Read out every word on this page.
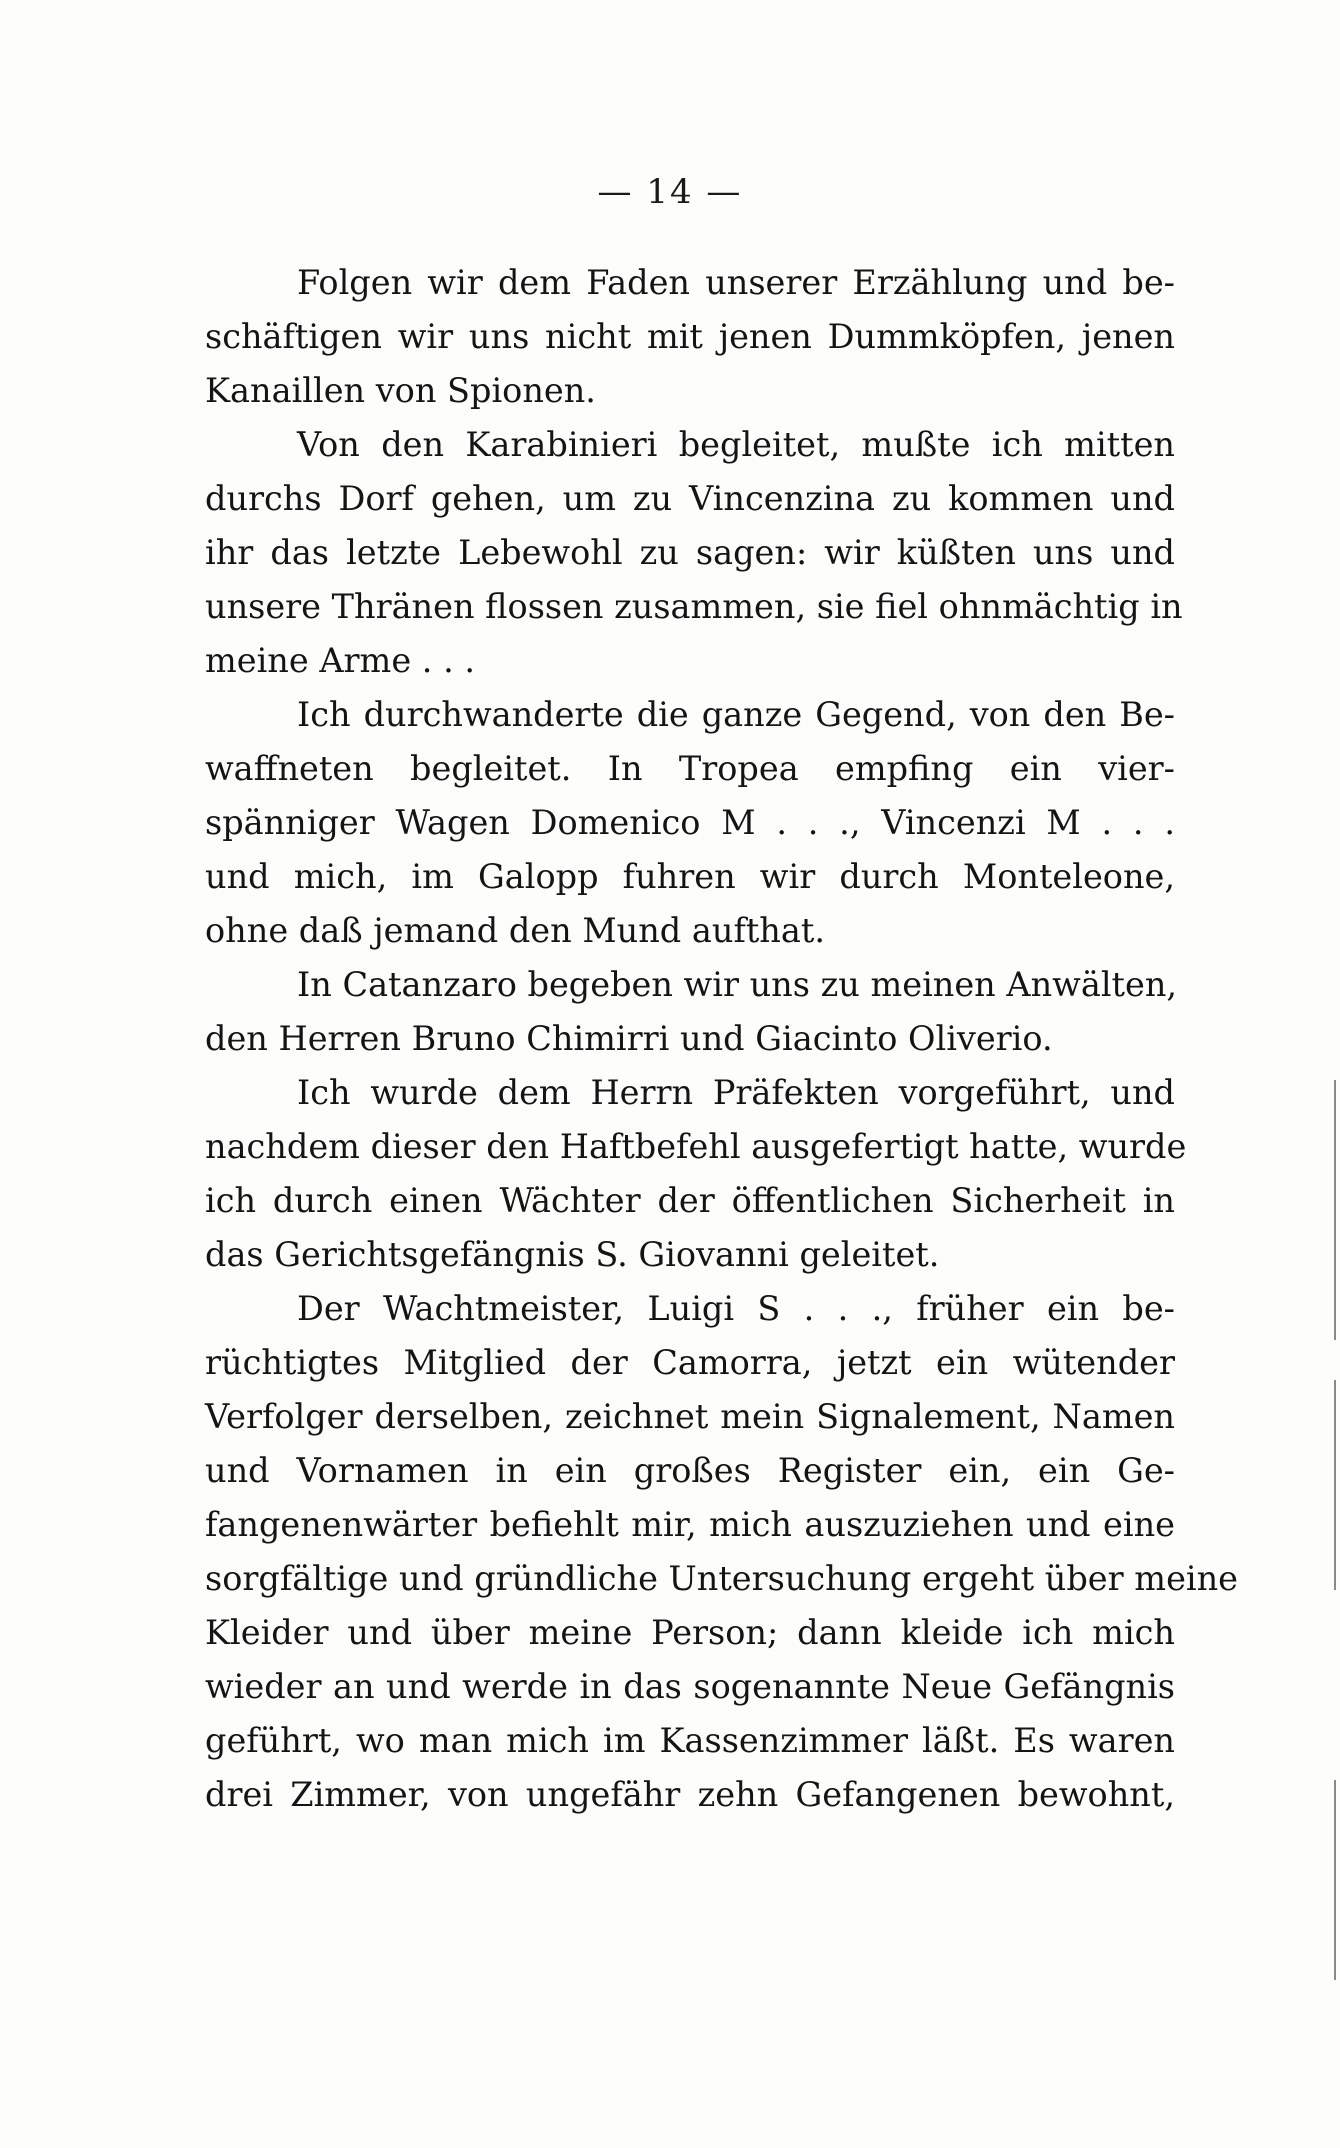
— 14 —
Folgen wir dem Faden unserer Erzählung und be-
schäftigen wir uns nicht mit jenen Dummköpfen, jenen
Kanaillen von Spionen.
Von den Karabinieri begleitet, mußte ich mitten
durchs Dorf gehen, um zu Vincenzina zu kommen und
ihr das letzte Lebewohl zu sagen: wir küßten uns und
unsere Thränen flossen zusammen, sie fiel ohnmächtig in
meine Arme . . .
Ich durchwanderte die ganze Gegend, von den Be-
waffneten begleitet. In Tropea empfing ein vier-
spänniger Wagen Domenico M . . ., Vincenzi M . . .
und mich, im Galopp fuhren wir durch Monteleone,
ohne daß jemand den Mund aufthat.
In Catanzaro begeben wir uns zu meinen Anwälten,
den Herren Bruno Chimirri und Giacinto Oliverio.
Ich wurde dem Herrn Präfekten vorgeführt, und
nachdem dieser den Haftbefehl ausgefertigt hatte, wurde
ich durch einen Wächter der öffentlichen Sicherheit in
das Gerichtsgefängnis S. Giovanni geleitet.
Der Wachtmeister, Luigi S . . ., früher ein be-
rüchtigtes Mitglied der Camorra, jetzt ein wütender
Verfolger derselben, zeichnet mein Signalement, Namen
und Vornamen in ein großes Register ein, ein Ge-
fangenenwärter befiehlt mir, mich auszuziehen und eine
sorgfältige und gründliche Untersuchung ergeht über meine
Kleider und über meine Person; dann kleide ich mich
wieder an und werde in das sogenannte Neue Gefängnis
geführt, wo man mich im Kassenzimmer läßt. Es waren
drei Zimmer, von ungefähr zehn Gefangenen bewohnt,
